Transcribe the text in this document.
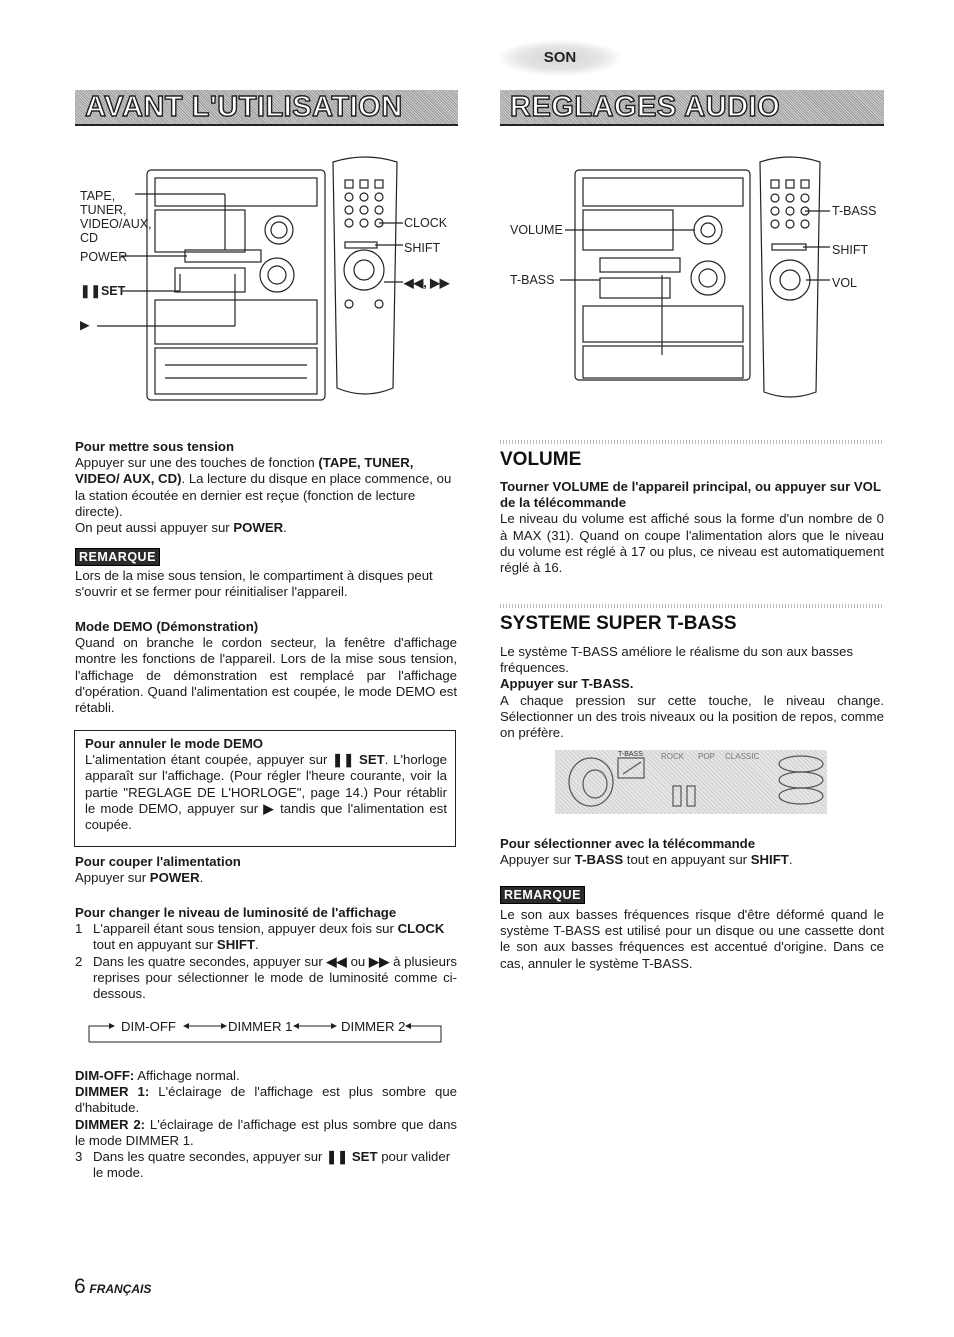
SON
AVANT L'UTILISATION	REGLAGES AUDIO
TAPE,
TUNER,
VIDEO/AUX,
CD
POWER
❚❚SET
▶
CLOCK
SHIFT
◀◀, ▶▶
VOLUME
T-BASS
T-BASS
SHIFT
VOL
Pour mettre sous tension

Appuyer sur une des touches de fonction (TAPE, TUNER, VIDEO/ AUX, CD). La lecture du disque en place commence, ou la station écoutée en dernier est reçue (fonction de lecture directe).

On peut aussi appuyer sur POWER.

REMARQUE

Lors de la mise sous tension, le compartiment à disques peut s'ouvrir et se fermer pour réinitialiser l'appareil.

Mode DEMO (Démonstration)

Quand on branche le cordon secteur, la fenêtre d'affichage montre les fonctions de l'appareil. Lors de la mise sous tension, l'affichage de démonstration est remplacé par l'affichage d'opération. Quand l'alimentation est coupée, le mode DEMO est rétabli.

Pour annuler le mode DEMO

L'alimentation étant coupée, appuyer sur ❚❚ SET. L'horloge apparaît sur l'affichage. (Pour régler l'heure courante, voir la partie "REGLAGE DE L'HORLOGE", page 14.) Pour rétablir le mode DEMO, appuyer sur ▶ tandis que l'alimentation est coupée.

Pour couper l'alimentation

Appuyer sur POWER.

Pour changer le niveau de luminosité de l'affichage
1 L'appareil étant sous tension, appuyer deux fois sur CLOCK tout en appuyant sur SHIFT.
2 Dans les quatre secondes, appuyer sur ◀◀ ou ▶▶ à plusieurs reprises pour sélectionner le mode de luminosité comme ci-dessous.
DIM-OFF	DIMMER 1	DIMMER 2

DIM-OFF: Affichage normal.

DIMMER 1: L'éclairage de l'affichage est plus sombre que d'habitude.

DIMMER 2: L'éclairage de l'affichage est plus sombre que dans le mode DIMMER 1.

3 Dans les quatre secondes, appuyer sur ❚❚ SET pour valider le mode.
VOLUME
Tourner VOLUME de l'appareil principal, ou appuyer sur VOL de la télécommande

Le niveau du volume est affiché sous la forme d'un nombre de 0 à MAX (31). Quand on coupe l'alimentation alors que le niveau du volume est réglé à 17 ou plus, ce niveau est automatiquement réglé à 16.

SYSTEME SUPER T-BASS

Le système T-BASS améliore le réalisme du son aux basses fréquences.

Appuyer sur T-BASS.

A chaque pression sur cette touche, le niveau change. Sélectionner un des trois niveaux ou la position de repos, comme on préfère.

T-BASS ROCK POP CLASSIC
Pour sélectionner avec la télécommande

Appuyer sur T-BASS tout en appuyant sur SHIFT.

REMARQUE

Le son aux basses fréquences risque d'être déformé quand le système T-BASS est utilisé pour un disque ou une cassette dont le son aux basses fréquences est accentué d'origine. Dans ce cas, annuler le système T-BASS.

6 FRANÇAIS
